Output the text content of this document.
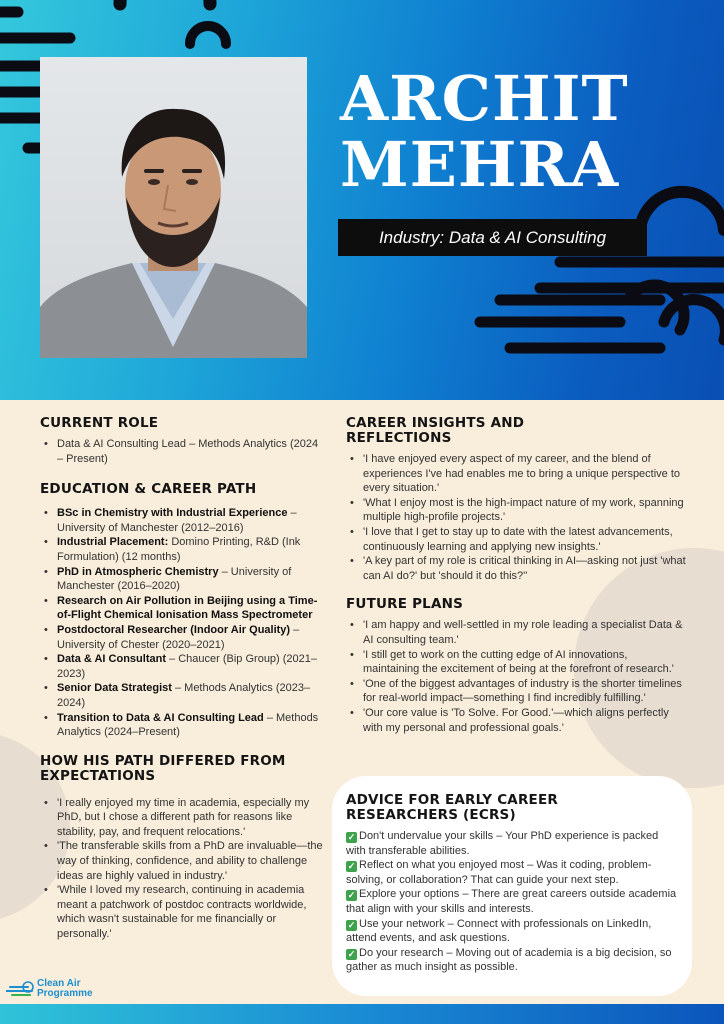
ARCHIT
MEHRA
Industry: Data & AI Consulting
CURRENT ROLE
• Data & AI Consulting Lead – Methods Analytics (2024 – Present)
EDUCATION & CAREER PATH
• BSc in Chemistry with Industrial Experience – University of Manchester (2012–2016)
• Industrial Placement: Domino Printing, R&D (Ink Formulation) (12 months)
• PhD in Atmospheric Chemistry – University of Manchester (2016–2020)
• Research on Air Pollution in Beijing using a Time-of-Flight Chemical Ionisation Mass Spectrometer
• Postdoctoral Researcher (Indoor Air Quality) – University of Chester (2020–2021)
• Data & AI Consultant – Chaucer (Bip Group) (2021–2023)
• Senior Data Strategist – Methods Analytics (2023–2024)
• Transition to Data & AI Consulting Lead – Methods Analytics (2024–Present)
HOW HIS PATH DIFFERED FROM EXPECTATIONS
• 'I really enjoyed my time in academia, especially my PhD, but I chose a different path for reasons like stability, pay, and frequent relocations.'
• 'The transferable skills from a PhD are invaluable—the way of thinking, confidence, and ability to challenge ideas are highly valued in industry.'
• 'While I loved my research, continuing in academia meant a patchwork of postdoc contracts worldwide, which wasn't sustainable for me financially or personally.'
CAREER INSIGHTS AND REFLECTIONS
• 'I have enjoyed every aspect of my career, and the blend of experiences I've had enables me to bring a unique perspective to every situation.'
• 'What I enjoy most is the high-impact nature of my work, spanning multiple high-profile projects.'
• 'I love that I get to stay up to date with the latest advancements, continuously learning and applying new insights.'
• 'A key part of my role is critical thinking in AI—asking not just 'what can AI do?' but 'should it do this?''
FUTURE PLANS
• 'I am happy and well-settled in my role leading a specialist Data & AI consulting team.'
• 'I still get to work on the cutting edge of AI innovations, maintaining the excitement of being at the forefront of research.'
• 'One of the biggest advantages of industry is the shorter timelines for real-world impact—something I find incredibly fulfilling.'
• 'Our core value is 'To Solve. For Good.'—which aligns perfectly with my personal and professional goals.'
ADVICE FOR EARLY CAREER RESEARCHERS (ECRS)

✓ Don't undervalue your skills – Your PhD experience is packed with transferable abilities.

✓ Reflect on what you enjoyed most – Was it coding, problem-solving, or collaboration? That can guide your next step.

✓ Explore your options – There are great careers outside academia that align with your skills and interests.

✓ Use your network – Connect with professionals on LinkedIn, attend events, and ask questions.

✓ Do your research – Moving out of academia is a big decision, so gather as much insight as possible.

Clean Air
Programme
